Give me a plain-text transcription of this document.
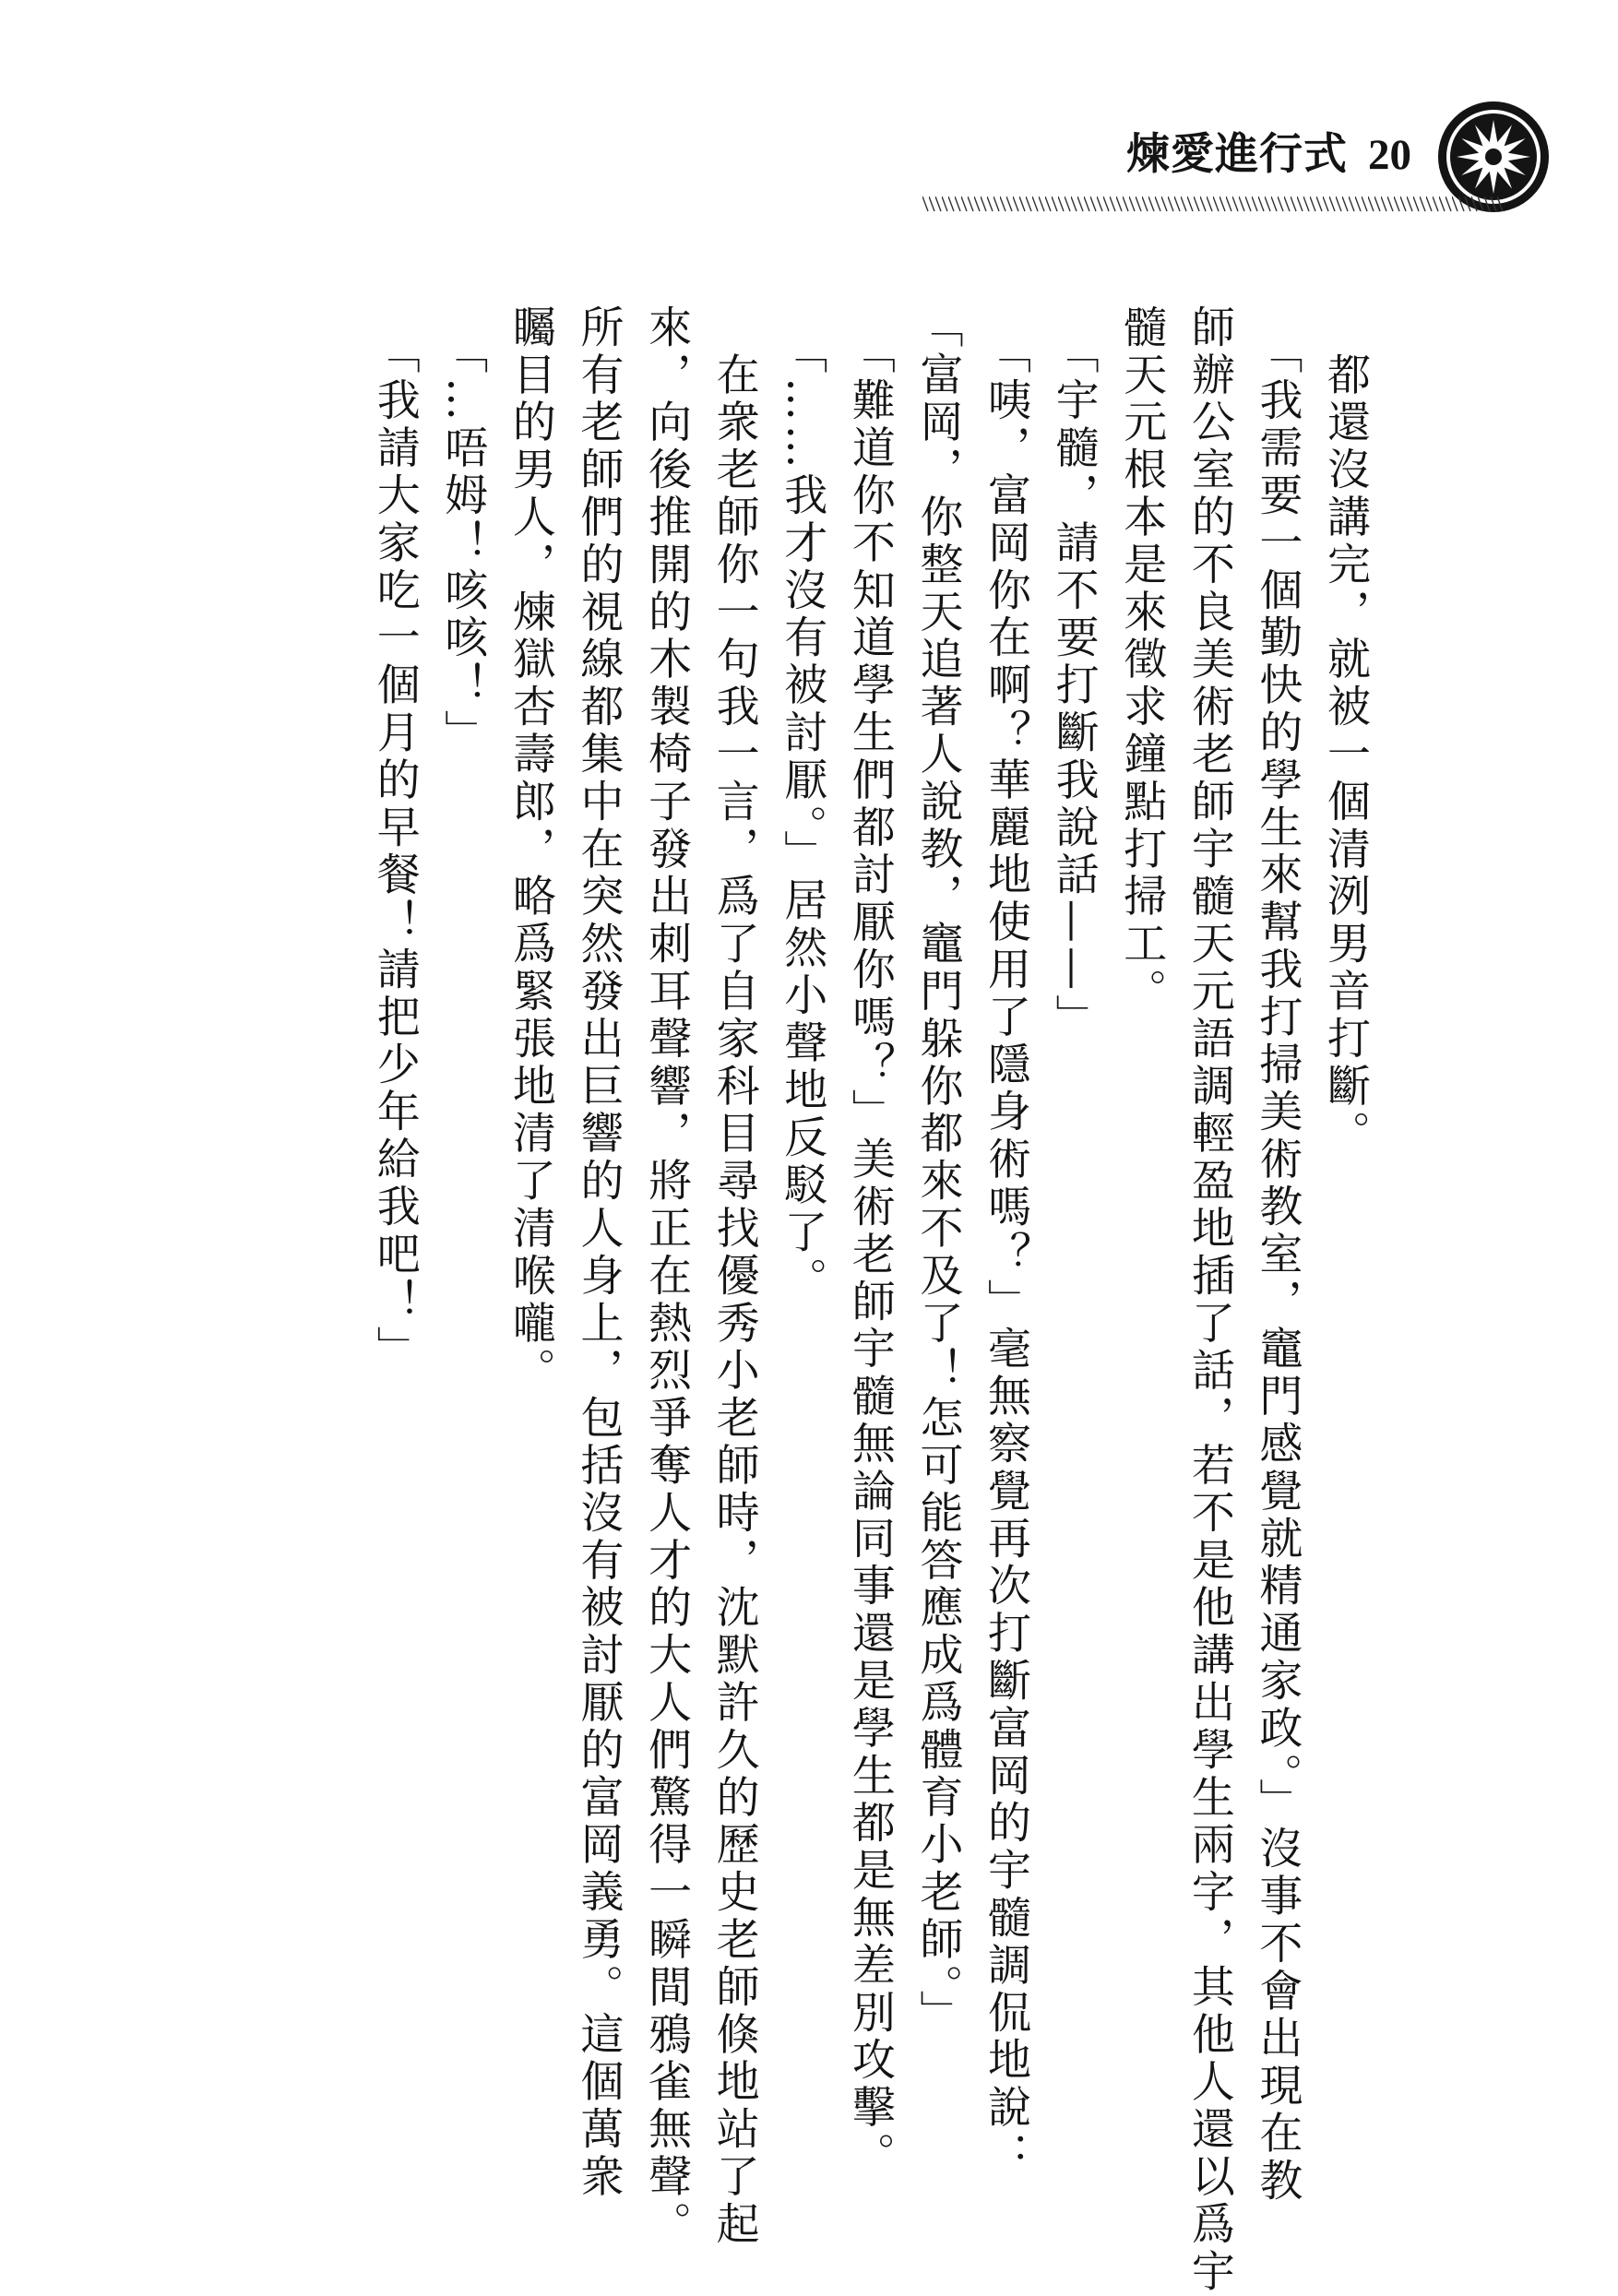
煉愛進行式 20

　都還沒講完，就被一個清洌男音打斷。

　「我需要一個勤快的學生來幫我打掃美術教室，竈門感覺就精通家政。」沒事不會出現在教

師辦公室的不良美術老師宇髓天元語調輕盈地插了話，若不是他講出學生兩字，其他人還以爲宇

髓天元根本是來徵求鐘點打掃工。

　「宇髓，請不要打斷我說話——」

　「咦，富岡你在啊？華麗地使用了隱身術嗎？」毫無察覺再次打斷富岡的宇髓調侃地說：

「富岡，你整天追著人說教，竈門躲你都來不及了！怎可能答應成爲體育小老師。」

　「難道你不知道學生們都討厭你嗎？」美術老師宇髓無論同事還是學生都是無差別攻擊。

　「……我才沒有被討厭。」居然小聲地反駁了。

　在衆老師你一句我一言，爲了自家科目尋找優秀小老師時，沈默許久的歷史老師倏地站了起

來，向後推開的木製椅子發出刺耳聲響，將正在熱烈爭奪人才的大人們驚得一瞬間鴉雀無聲。

所有老師們的視線都集中在突然發出巨響的人身上，包括沒有被討厭的富岡義勇。這個萬衆

矚目的男人，煉獄杏壽郎，略爲緊張地清了清喉嚨。

　「…唔姆！咳咳！」

　「我請大家吃一個月的早餐！請把少年給我吧！」
